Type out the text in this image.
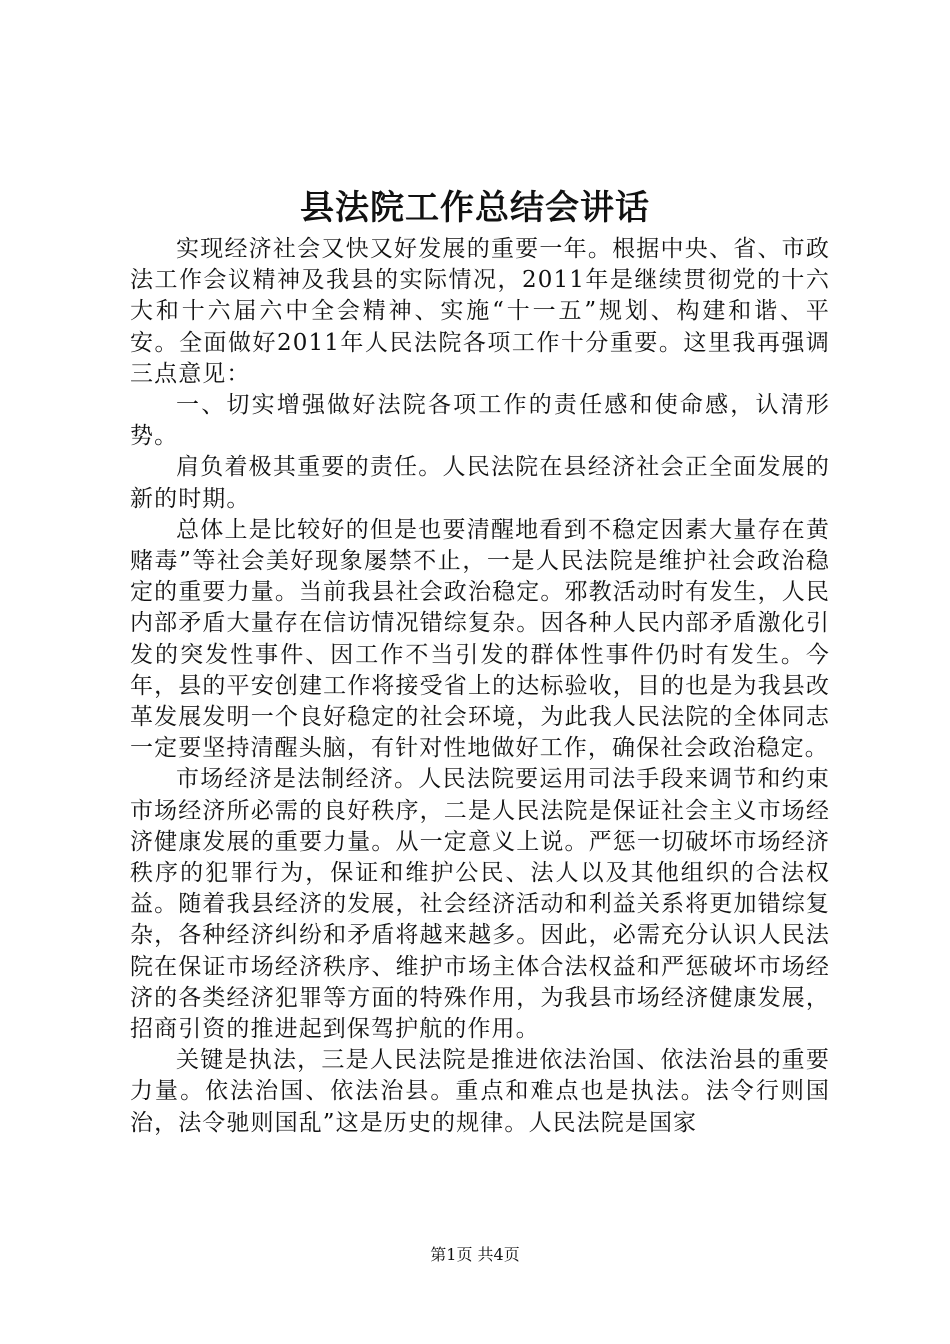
县法院工作总结会讲话

实现经济社会又快又好发展的重要一年。根据中央、省、市政法工作会议精神及我县的实际情况，2011年是继续贯彻党的十六大和十六届六中全会精神、实施“十一五”规划、构建和谐、平安。全面做好2011年人民法院各项工作十分重要。这里我再强调三点意见：

一、切实增强做好法院各项工作的责任感和使命感，认清形势。

肩负着极其重要的责任。人民法院在县经济社会正全面发展的新的时期。

总体上是比较好的但是也要清醒地看到不稳定因素大量存在黄赌毒”等社会美好现象屡禁不止，一是人民法院是维护社会政治稳定的重要力量。当前我县社会政治稳定。邪教活动时有发生，人民内部矛盾大量存在信访情况错综复杂。因各种人民内部矛盾激化引发的突发性事件、因工作不当引发的群体性事件仍时有发生。今年，县的平安创建工作将接受省上的达标验收，目的也是为我县改革发展发明一个良好稳定的社会环境，为此我人民法院的全体同志一定要坚持清醒头脑，有针对性地做好工作，确保社会政治稳定。

市场经济是法制经济。人民法院要运用司法手段来调节和约束市场经济所必需的良好秩序，二是人民法院是保证社会主义市场经济健康发展的重要力量。从一定意义上说。严惩一切破坏市场经济秩序的犯罪行为，保证和维护公民、法人以及其他组织的合法权益。随着我县经济的发展，社会经济活动和利益关系将更加错综复杂，各种经济纠纷和矛盾将越来越多。因此，必需充分认识人民法院在保证市场经济秩序、维护市场主体合法权益和严惩破坏市场经济的各类经济犯罪等方面的特殊作用，为我县市场经济健康发展，招商引资的推进起到保驾护航的作用。

关键是执法，三是人民法院是推进依法治国、依法治县的重要力量。依法治国、依法治县。重点和难点也是执法。法令行则国治，法令驰则国乱”这是历史的规律。人民法院是国家

第1页 共4页
